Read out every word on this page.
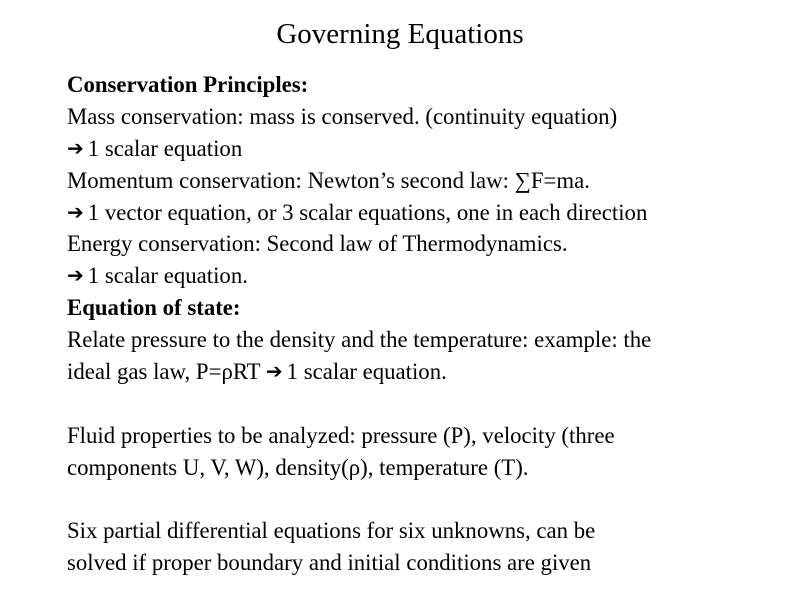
Governing Equations
Conservation Principles:
Mass conservation: mass is conserved. (continuity equation)
➔ 1 scalar equation
Momentum conservation: Newton’s second law: ∑F=ma.
➔ 1 vector equation, or 3 scalar equations, one in each direction
Energy conservation: Second law of Thermodynamics.
➔ 1 scalar equation.
Equation of state:
Relate pressure to the density and the temperature: example: the
ideal gas law, P=ρRT ➔ 1 scalar equation.
Fluid properties to be analyzed: pressure (P), velocity (three
components U, V, W), density(ρ), temperature (T).
Six partial differential equations for six unknowns, can be
solved if proper boundary and initial conditions are given
